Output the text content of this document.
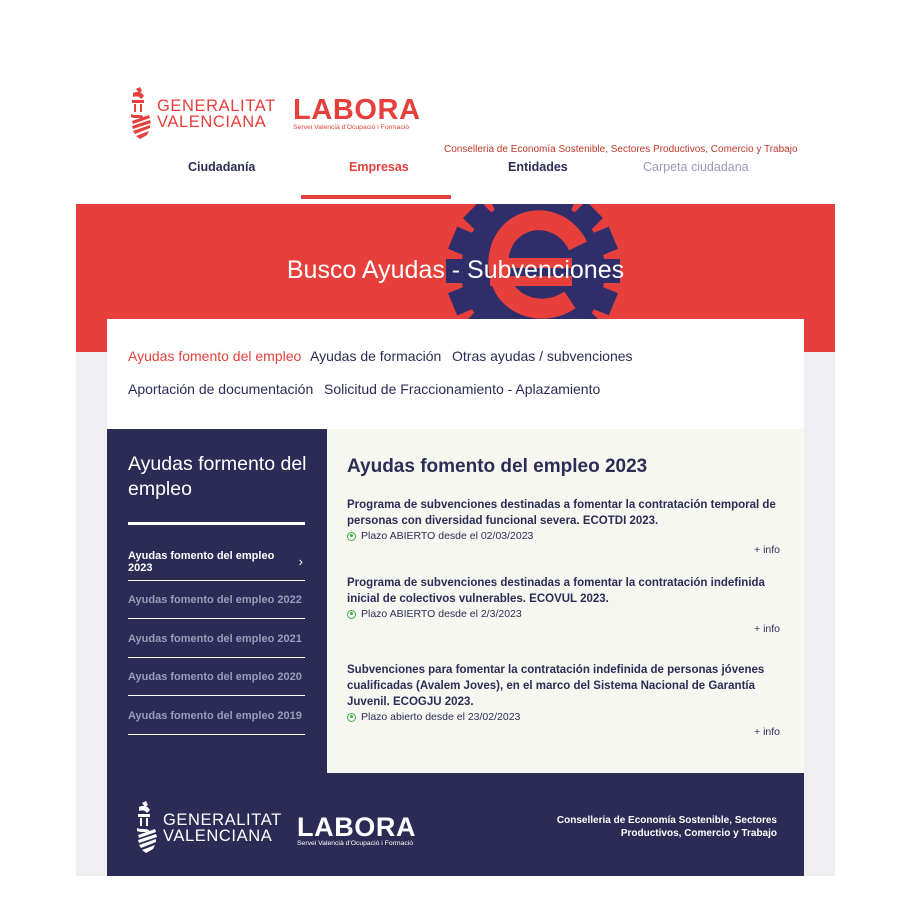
GENERALITAT
VALENCIANA LABORA
Servei Valencià d'Ocupació i Formació
Conselleria de Economía Sostenible, Sectores Productivos, Comercio y Trabajo
Ciudadanía	Empresas	Entidades	Carpeta ciudadana
Busco Ayudas - Subvenciones
Ayudas fomento del empleo Ayudas de formación Otras ayudas / subvenciones
Aportación de documentación Solicitud de Fraccionamiento - Aplazamiento
Ayudas formento del empleo
Ayudas fomento del empleo 2023	›
Ayudas fomento del empleo 2022
Ayudas fomento del empleo 2021
Ayudas fomento del empleo 2020
Ayudas fomento del empleo 2019
Ayudas fomento del empleo 2023
Programa de subvenciones destinadas a fomentar la contratación temporal de personas con diversidad funcional severa. ECOTDI 2023.
Plazo ABIERTO desde el 02/03/2023
+ info
Programa de subvenciones destinadas a fomentar la contratación indefinida inicial de colectivos vulnerables. ECOVUL 2023.
Plazo ABIERTO desde el 2/3/2023
+ info
Subvenciones para fomentar la contratación indefinida de personas jóvenes cualificadas (Avalem Joves), en el marco del Sistema Nacional de Garantía Juvenil. ECOGJU 2023.
Plazo abierto desde el 23/02/2023
+ info
GENERALITAT
VALENCIANA LABORA
Servei Valencià d'Ocupació i Formació
Conselleria de Economía Sostenible, Sectores Productivos, Comercio y Trabajo
